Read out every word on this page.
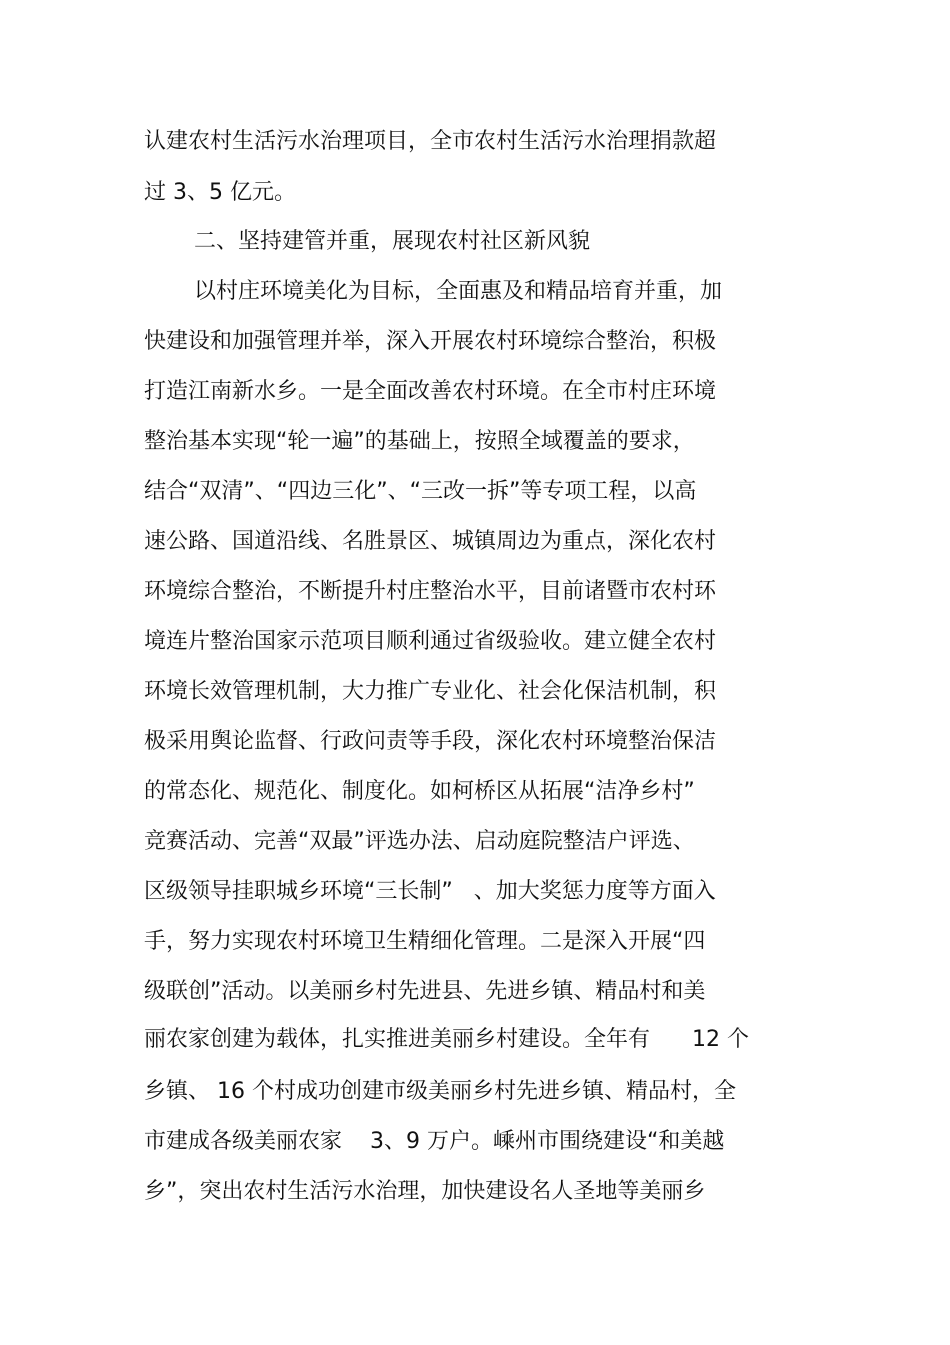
认建农村生活污水治理项目，全市农村生活污水治理捐款超
过 3、5 亿元。
二、坚持建管并重，展现农村社区新风貌
以村庄环境美化为目标，全面惠及和精品培育并重，加
快建设和加强管理并举，深入开展农村环境综合整治，积极
打造江南新水乡。一是全面改善农村环境。在全市村庄环境
整治基本实现“轮一遍”的基础上，按照全域覆盖的要求，
结合“双清”、“四边三化”、“三改一拆”等专项工程，以高
速公路、国道沿线、名胜景区、城镇周边为重点，深化农村
环境综合整治，不断提升村庄整治水平，目前诸暨市农村环
境连片整治国家示范项目顺利通过省级验收。建立健全农村
环境长效管理机制，大力推广专业化、社会化保洁机制，积
极采用舆论监督、行政问责等手段，深化农村环境整治保洁
的常态化、规范化、制度化。如柯桥区从拓展“洁净乡村”
竞赛活动、完善“双最”评选办法、启动庭院整洁户评选、
区级领导挂职城乡环境“三长制”   、加大奖惩力度等方面入
手，努力实现农村环境卫生精细化管理。二是深入开展“四
级联创”活动。以美丽乡村先进县、先进乡镇、精品村和美
丽农家创建为载体，扎实推进美丽乡村建设。全年有      12 个
乡镇、 16 个村成功创建市级美丽乡村先进乡镇、精品村，全
市建成各级美丽农家    3、9 万户。嵊州市围绕建设“和美越
乡”，突出农村生活污水治理，加快建设名人圣地等美丽乡
